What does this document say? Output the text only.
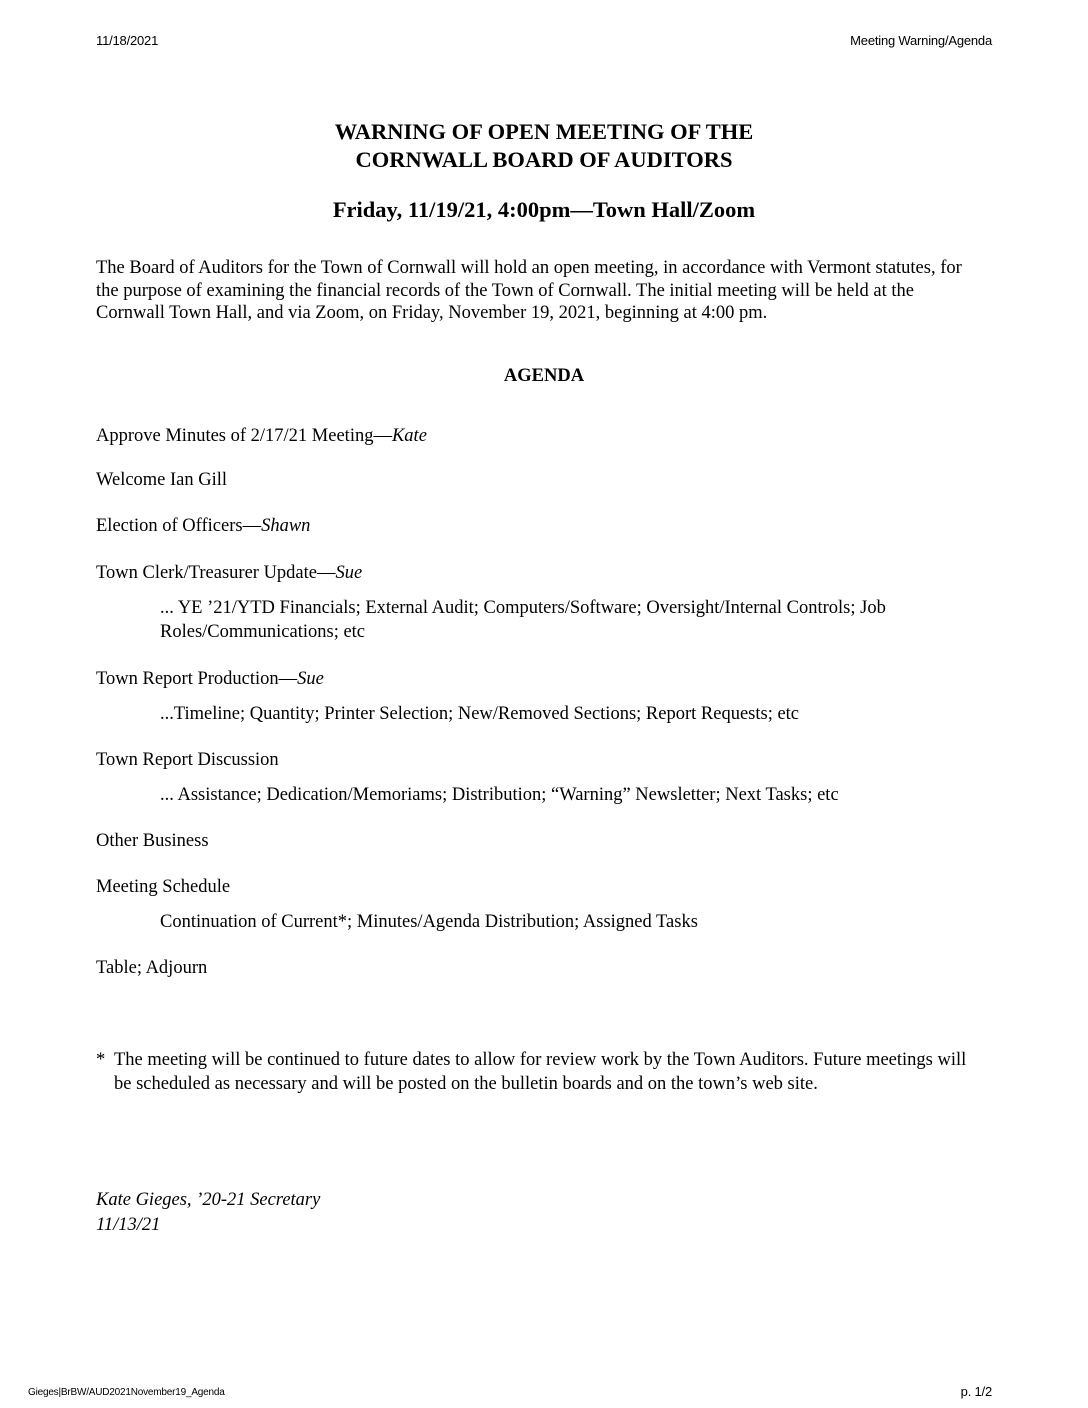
11/18/2021	Meeting Warning/Agenda
WARNING OF OPEN MEETING OF THE
CORNWALL BOARD OF AUDITORS
Friday, 11/19/21, 4:00pm—Town Hall/Zoom
The Board of Auditors for the Town of Cornwall will hold an open meeting, in accordance with Vermont statutes, for the purpose of examining the financial records of the Town of Cornwall. The initial meeting will be held at the Cornwall Town Hall, and via Zoom, on Friday, November 19, 2021, beginning at 4:00 pm.
AGENDA
Approve Minutes of 2/17/21 Meeting—Kate
Welcome Ian Gill
Election of Officers—Shawn
Town Clerk/Treasurer Update—Sue
... YE ’21/YTD Financials; External Audit; Computers/Software; Oversight/Internal Controls; Job Roles/Communications; etc
Town Report Production—Sue
...Timeline; Quantity; Printer Selection; New/Removed Sections; Report Requests; etc
Town Report Discussion
... Assistance; Dedication/Memoriams; Distribution; “Warning” Newsletter; Next Tasks; etc
Other Business
Meeting Schedule
Continuation of Current*; Minutes/Agenda Distribution; Assigned Tasks
Table; Adjourn
* The meeting will be continued to future dates to allow for review work by the Town Auditors. Future meetings will be scheduled as necessary and will be posted on the bulletin boards and on the town’s web site.
Kate Gieges, ’20-21 Secretary
11/13/21
Gieges|BrBW/AUD2021November19_Agenda	p. 1/2
